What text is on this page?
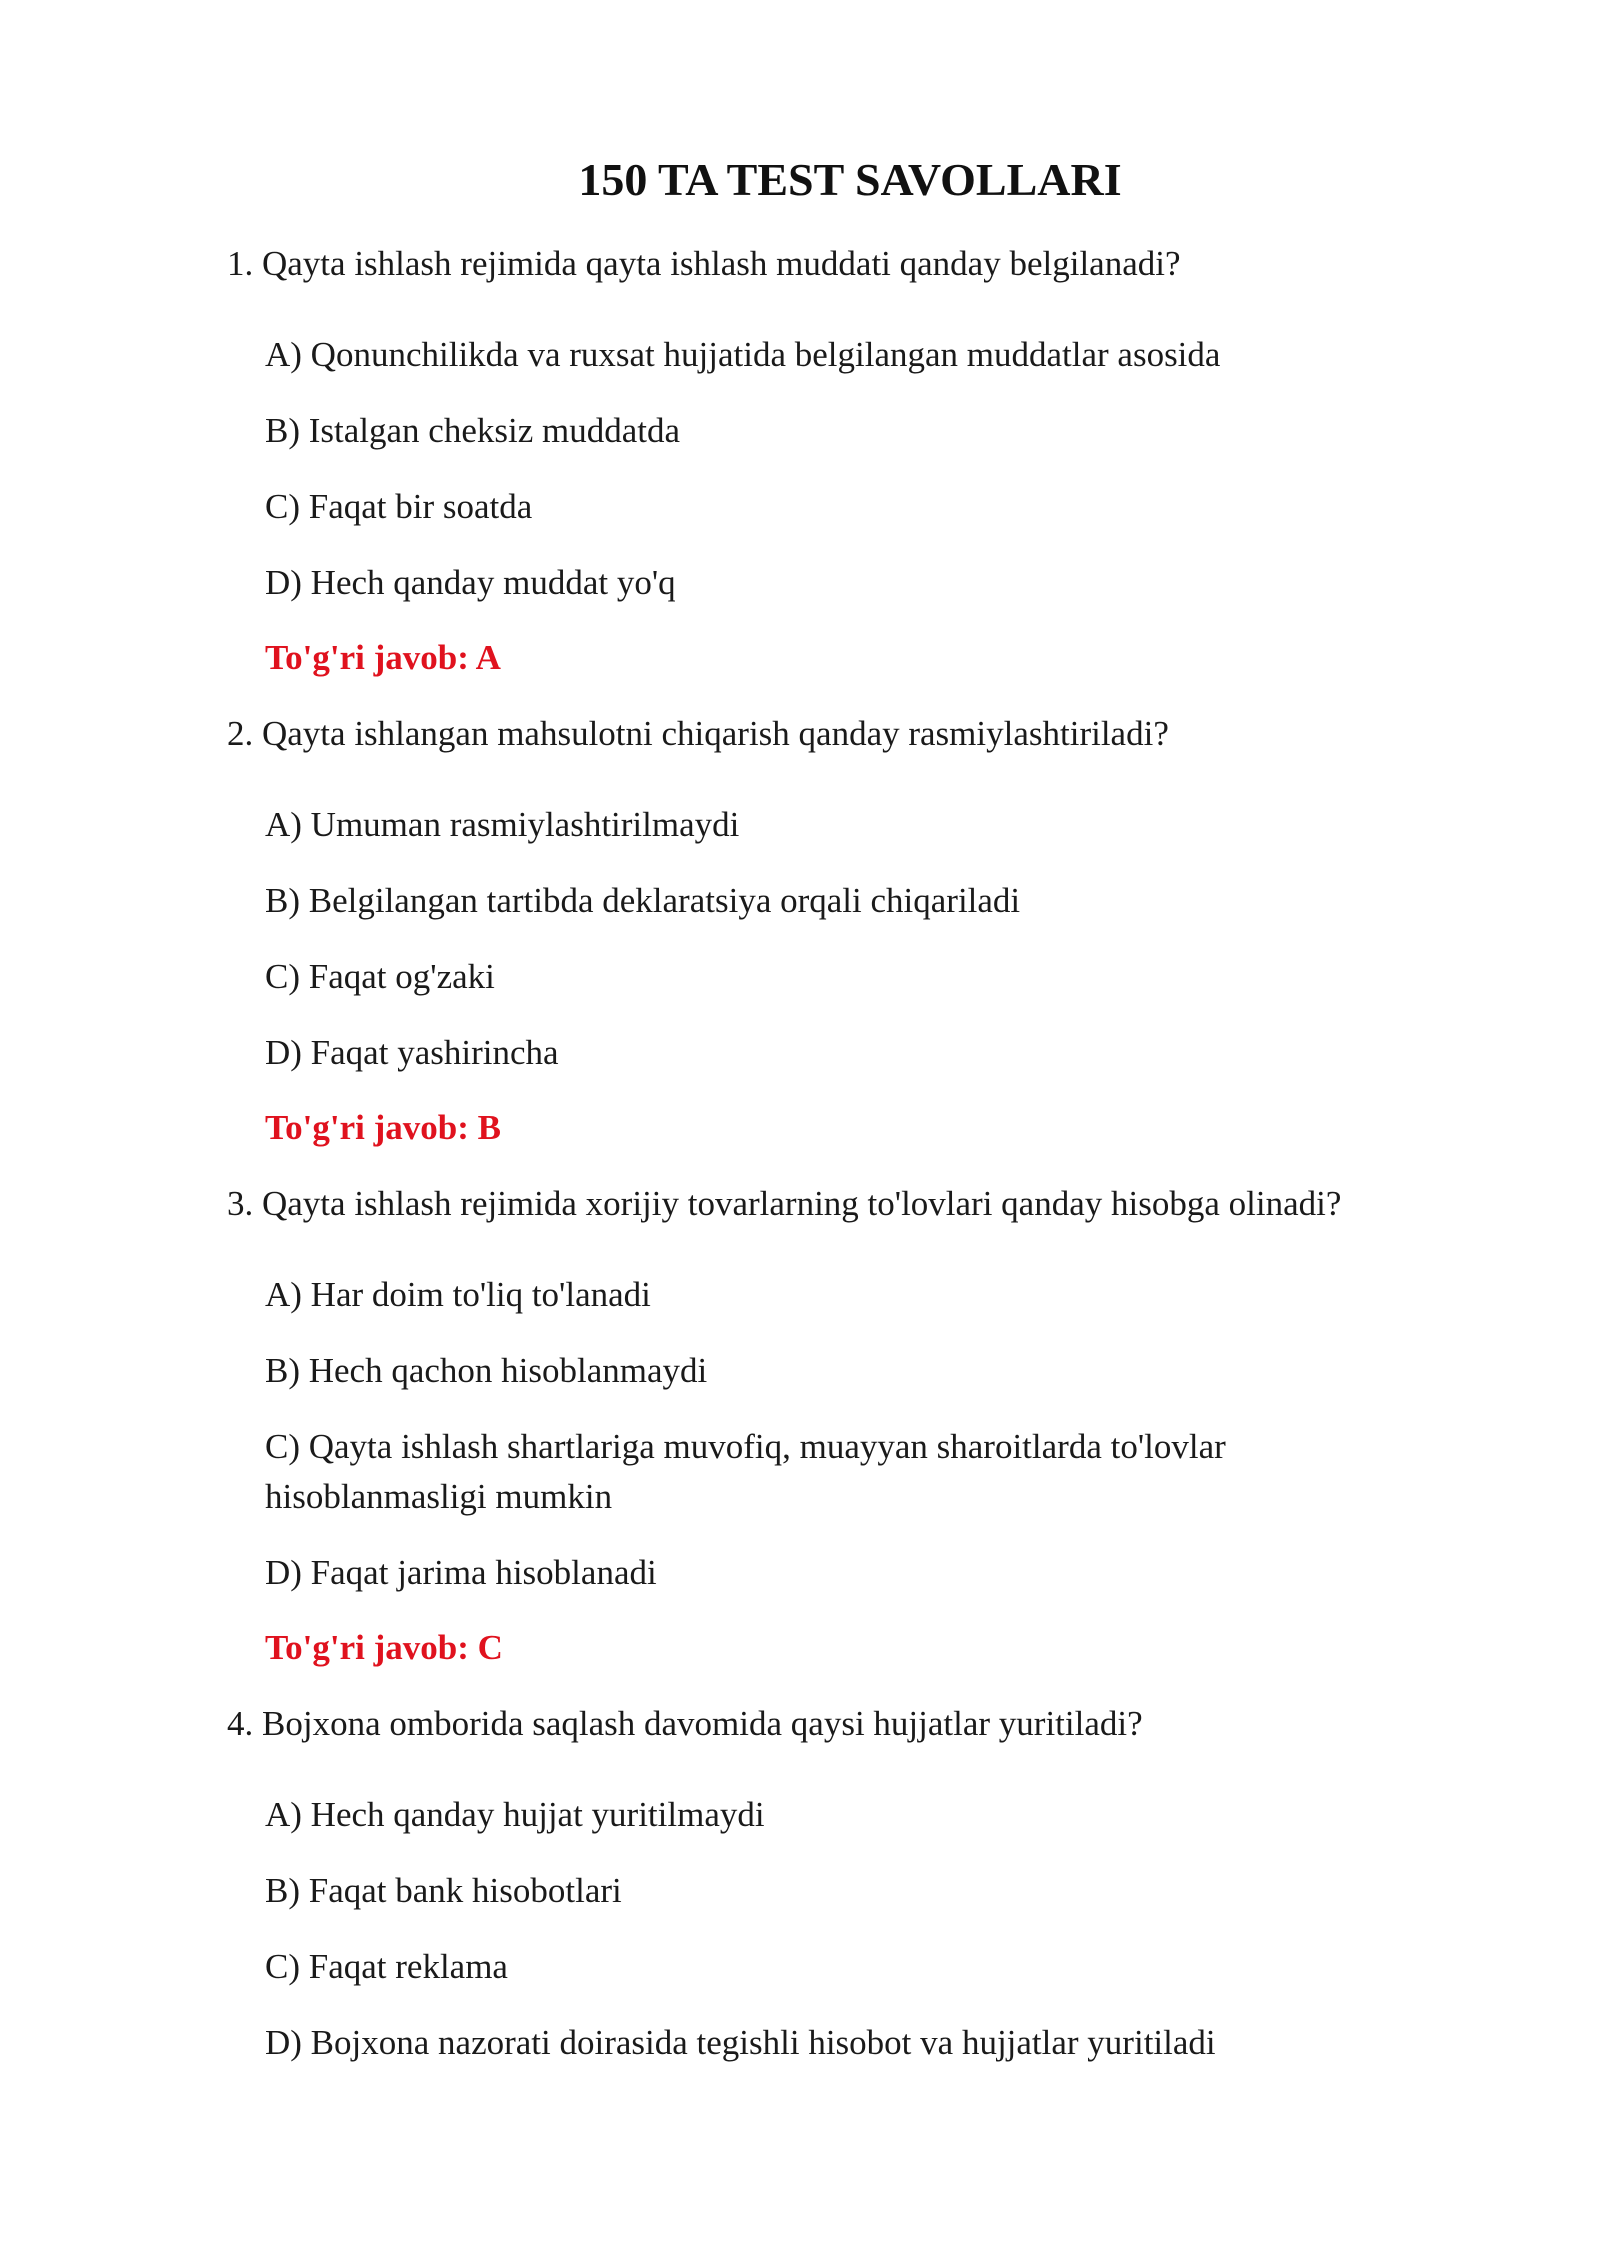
150 TA TEST SAVOLLARI
1. Qayta ishlash rejimida qayta ishlash muddati qanday belgilanadi?
A) Qonunchilikda va ruxsat hujjatida belgilangan muddatlar asosida
B) Istalgan cheksiz muddatda
C) Faqat bir soatda
D) Hech qanday muddat yo'q
To'g'ri javob: A
2. Qayta ishlangan mahsulotni chiqarish qanday rasmiylashtiriladi?
A) Umuman rasmiylashtirilmaydi
B) Belgilangan tartibda deklaratsiya orqali chiqariladi
C) Faqat og'zaki
D) Faqat yashirincha
To'g'ri javob: B
3. Qayta ishlash rejimida xorijiy tovarlarning to'lovlari qanday hisobga olinadi?
A) Har doim to'liq to'lanadi
B) Hech qachon hisoblanmaydi
C) Qayta ishlash shartlariga muvofiq, muayyan sharoitlarda to'lovlar hisoblanmasligi mumkin
D) Faqat jarima hisoblanadi
To'g'ri javob: C
4. Bojxona omborida saqlash davomida qaysi hujjatlar yuritiladi?
A) Hech qanday hujjat yuritilmaydi
B) Faqat bank hisobotlari
C) Faqat reklama
D) Bojxona nazorati doirasida tegishli hisobot va hujjatlar yuritiladi
